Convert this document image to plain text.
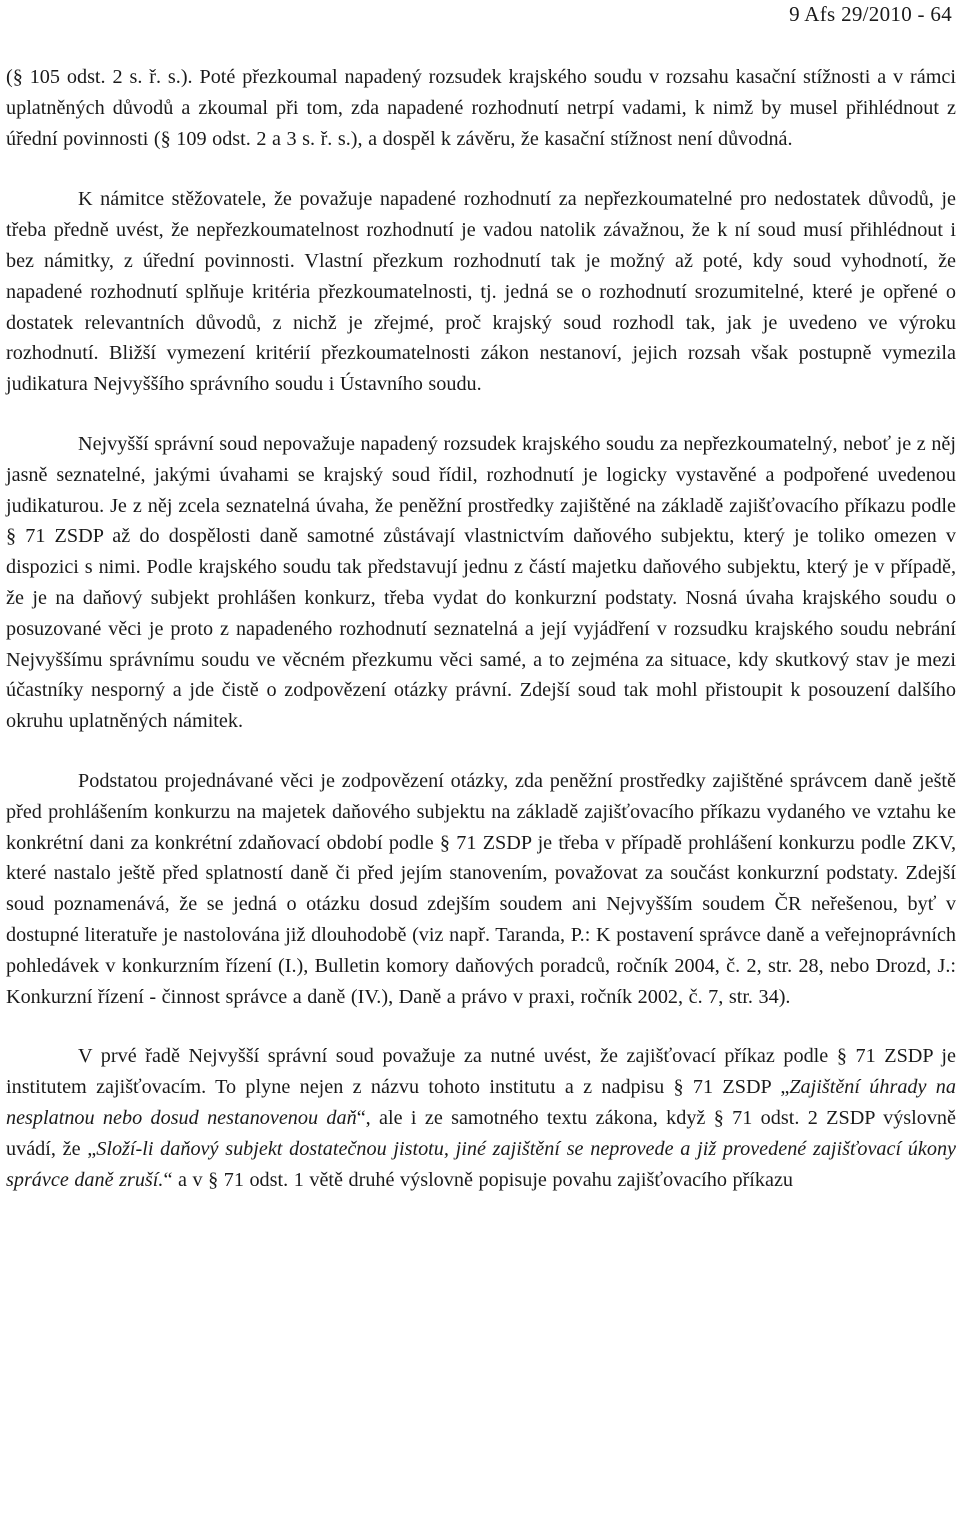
9 Afs 29/2010 - 64

(§ 105 odst. 2 s. ř. s.). Poté přezkoumal napadený rozsudek krajského soudu v rozsahu kasační stížnosti a v rámci uplatněných důvodů a zkoumal při tom, zda napadené rozhodnutí netrpí vadami, k nimž by musel přihlédnout z úřední povinnosti (§ 109 odst. 2 a 3 s. ř. s.), a dospěl k závěru, že kasační stížnost není důvodná.

K námitce stěžovatele, že považuje napadené rozhodnutí za nepřezkoumatelné pro nedostatek důvodů, je třeba předně uvést, že nepřezkoumatelnost rozhodnutí je vadou natolik závažnou, že k ní soud musí přihlédnout i bez námitky, z úřední povinnosti. Vlastní přezkum rozhodnutí tak je možný až poté, kdy soud vyhodnotí, že napadené rozhodnutí splňuje kritéria přezkoumatelnosti, tj. jedná se o rozhodnutí srozumitelné, které je opřené o dostatek relevantních důvodů, z nichž je zřejmé, proč krajský soud rozhodl tak, jak je uvedeno ve výroku rozhodnutí. Bližší vymezení kritérií přezkoumatelnosti zákon nestanoví, jejich rozsah však postupně vymezila judikatura Nejvyššího správního soudu i Ústavního soudu.

Nejvyšší správní soud nepovažuje napadený rozsudek krajského soudu za nepřezkoumatelný, neboť je z něj jasně seznatelné, jakými úvahami se krajský soud řídil, rozhodnutí je logicky vystavěné a podpořené uvedenou judikaturou. Je z něj zcela seznatelná úvaha, že peněžní prostředky zajištěné na základě zajišťovacího příkazu podle § 71 ZSDP až do dospělosti daně samotné zůstávají vlastnictvím daňového subjektu, který je toliko omezen v dispozici s nimi. Podle krajského soudu tak představují jednu z částí majetku daňového subjektu, který je v případě, že je na daňový subjekt prohlášen konkurz, třeba vydat do konkurzní podstaty. Nosná úvaha krajského soudu o posuzované věci je proto z napadeného rozhodnutí seznatelná a její vyjádření v rozsudku krajského soudu nebrání Nejvyššímu správnímu soudu ve věcném přezkumu věci samé, a to zejména za situace, kdy skutkový stav je mezi účastníky nesporný a jde čistě o zodpovězení otázky právní. Zdejší soud tak mohl přistoupit k posouzení dalšího okruhu uplatněných námitek.

Podstatou projednávané věci je zodpovězení otázky, zda peněžní prostředky zajištěné správcem daně ještě před prohlášením konkurzu na majetek daňového subjektu na základě zajišťovacího příkazu vydaného ve vztahu ke konkrétní dani za konkrétní zdaňovací období podle § 71 ZSDP je třeba v případě prohlášení konkurzu podle ZKV, které nastalo ještě před splatností daně či před jejím stanovením, považovat za součást konkurzní podstaty. Zdejší soud poznamenává, že se jedná o otázku dosud zdejším soudem ani Nejvyšším soudem ČR neřešenou, byť v dostupné literatuře je nastolována již dlouhodobě (viz např. Taranda, P.: K postavení správce daně a veřejnoprávních pohledávek v konkurzním řízení (I.), Bulletin komory daňových poradců, ročník 2004, č. 2, str. 28, nebo Drozd, J.: Konkurzní řízení - činnost správce a daně (IV.), Daně a právo v praxi, ročník 2002, č. 7, str. 34).

V prvé řadě Nejvyšší správní soud považuje za nutné uvést, že zajišťovací příkaz podle § 71 ZSDP je institutem zajišťovacím. To plyne nejen z názvu tohoto institutu a z nadpisu § 71 ZSDP „Zajištění úhrady na nesplatnou nebo dosud nestanovenou daň“, ale i ze samotného textu zákona, když § 71 odst. 2 ZSDP výslovně uvádí, že „Složí-li daňový subjekt dostatečnou jistotu, jiné zajištění se neprovede a již provedené zajišťovací úkony správce daně zruší.“ a v § 71 odst. 1 větě druhé výslovně popisuje povahu zajišťovacího příkazu
